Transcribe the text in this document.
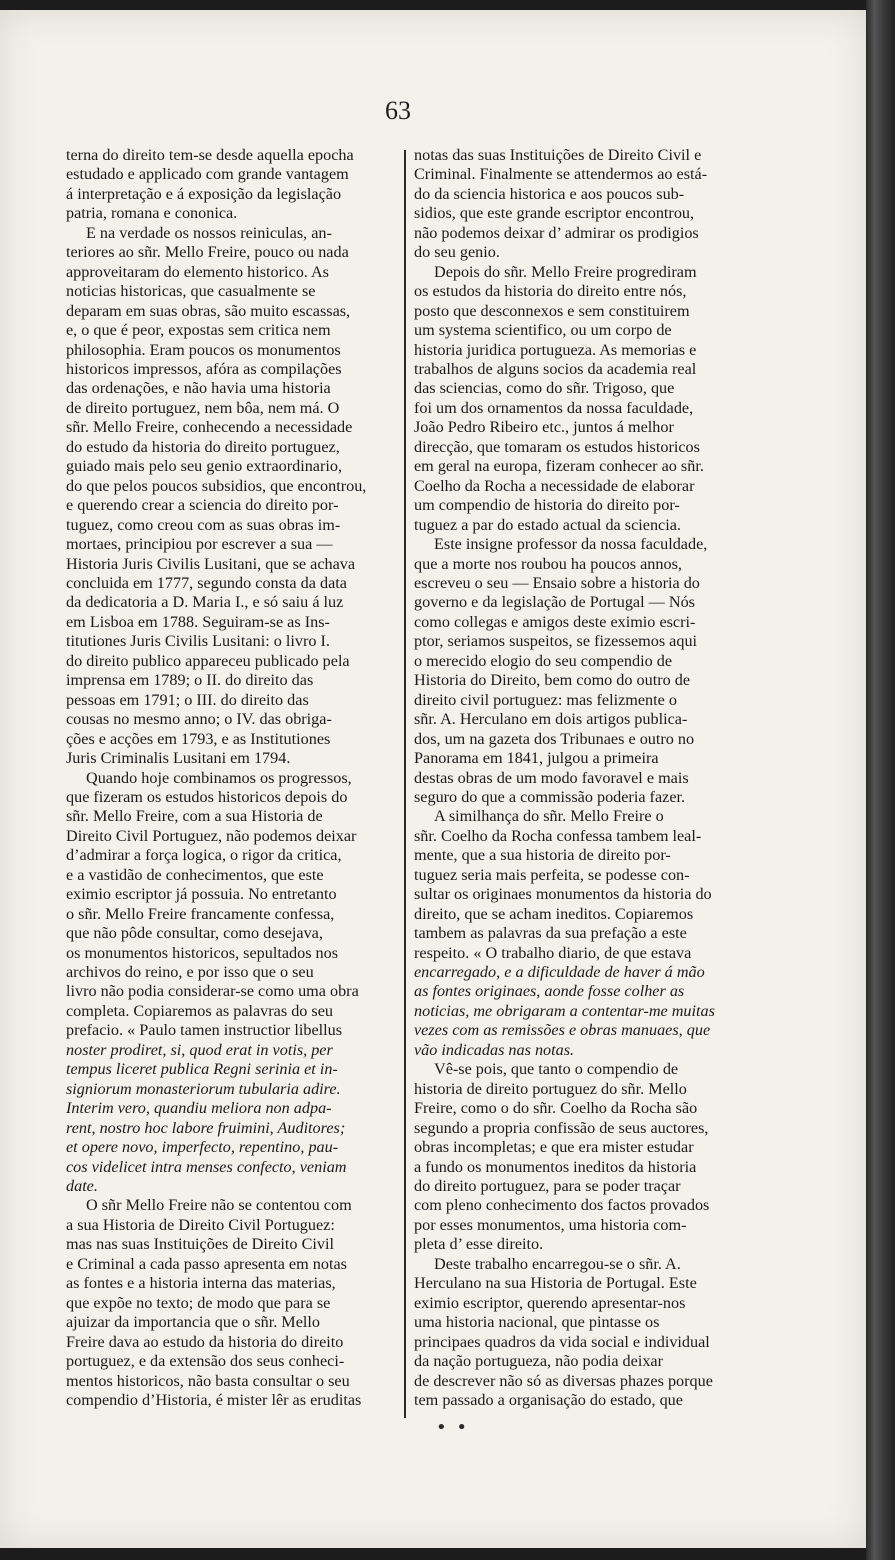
63
terna do direito tem-se desde aquella epocha
estudado e applicado com grande vantagem
á interpretação e á exposição da legislação
patria, romana e cononica.
E na verdade os nossos reiniculas, an-
teriores ao sñr. Mello Freire, pouco ou nada
approveitaram do elemento historico. As
noticias historicas, que casualmente se
deparam em suas obras, são muito escassas,
e, o que é peor, expostas sem critica nem
philosophia. Eram poucos os monumentos
historicos impressos, afóra as compilações
das ordenações, e não havia uma historia
de direito portuguez, nem bôa, nem má. O
sñr. Mello Freire, conhecendo a necessidade
do estudo da historia do direito portuguez,
guiado mais pelo seu genio extraordinario,
do que pelos poucos subsidios, que encontrou,
e querendo crear a sciencia do direito por-
tuguez, como creou com as suas obras im-
mortaes, principiou por escrever a sua —
Historia Juris Civilis Lusitani, que se achava
concluida em 1777, segundo consta da data
da dedicatoria a D. Maria I., e só saiu á luz
em Lisboa em 1788. Seguiram-se as Ins-
titutiones Juris Civilis Lusitani: o livro I.
do direito publico appareceu publicado pela
imprensa em 1789; o II. do direito das
pessoas em 1791; o III. do direito das
cousas no mesmo anno; o IV. das obriga-
ções e acções em 1793, e as Institutiones
Juris Criminalis Lusitani em 1794.
Quando hoje combinamos os progressos,
que fizeram os estudos historicos depois do
sñr. Mello Freire, com a sua Historia de
Direito Civil Portuguez, não podemos deixar
d’admirar a força logica, o rigor da critica,
e a vastidão de conhecimentos, que este
eximio escriptor já possuia. No entretanto
o sñr. Mello Freire francamente confessa,
que não pôde consultar, como desejava,
os monumentos historicos, sepultados nos
archivos do reino, e por isso que o seu
livro não podia considerar-se como uma obra
completa. Copiaremos as palavras do seu
prefacio. « Paulo tamen instructior libellus
noster prodiret, si, quod erat in votis, per
tempus liceret publica Regni serinia et in-
signiorum monasteriorum tubularia adire.
Interim vero, quandiu meliora non adpa-
rent, nostro hoc labore fruimini, Auditores;
et opere novo, imperfecto, repentino, pau-
cos videlicet intra menses confecto, veniam
date.
O sñr Mello Freire não se contentou com
a sua Historia de Direito Civil Portuguez:
mas nas suas Instituições de Direito Civil
e Criminal a cada passo apresenta em notas
as fontes e a historia interna das materias,
que expõe no texto; de modo que para se
ajuizar da importancia que o sñr. Mello
Freire dava ao estudo da historia do direito
portuguez, e da extensão dos seus conheci-
mentos historicos, não basta consultar o seu
compendio d’Historia, é mister lêr as eruditas
notas das suas Instituições de Direito Civil e
Criminal. Finalmente se attendermos ao está-
do da sciencia historica e aos poucos sub-
sidios, que este grande escriptor encontrou,
não podemos deixar d’ admirar os prodigios
do seu genio.
Depois do sñr. Mello Freire progrediram
os estudos da historia do direito entre nós,
posto que desconnexos e sem constituirem
um systema scientifico, ou um corpo de
historia juridica portugueza. As memorias e
trabalhos de alguns socios da academia real
das sciencias, como do sñr. Trigoso, que
foi um dos ornamentos da nossa faculdade,
João Pedro Ribeiro etc., juntos á melhor
direcção, que tomaram os estudos historicos
em geral na europa, fizeram conhecer ao sñr.
Coelho da Rocha a necessidade de elaborar
um compendio de historia do direito por-
tuguez a par do estado actual da sciencia.
Este insigne professor da nossa faculdade,
que a morte nos roubou ha poucos annos,
escreveu o seu — Ensaio sobre a historia do
governo e da legislação de Portugal — Nós
como collegas e amigos deste eximio escri-
ptor, seriamos suspeitos, se fizessemos aqui
o merecido elogio do seu compendio de
Historia do Direito, bem como do outro de
direito civil portuguez: mas felizmente o
sñr. A. Herculano em dois artigos publica-
dos, um na gazeta dos Tribunaes e outro no
Panorama em 1841, julgou a primeira
destas obras de um modo favoravel e mais
seguro do que a commissão poderia fazer.
A similhança do sñr. Mello Freire o
sñr. Coelho da Rocha confessa tambem leal-
mente, que a sua historia de direito por-
tuguez seria mais perfeita, se podesse con-
sultar os originaes monumentos da historia do
direito, que se acham ineditos. Copiaremos
tambem as palavras da sua prefação a este
respeito. « O trabalho diario, de que estava
encarregado, e a dificuldade de haver á mão
as fontes originaes, aonde fosse colher as
noticias, me obrigaram a contentar-me muitas
vezes com as remissões e obras manuaes, que
vão indicadas nas notas.
Vê-se pois, que tanto o compendio de
historia de direito portuguez do sñr. Mello
Freire, como o do sñr. Coelho da Rocha são
segundo a propria confissão de seus auctores,
obras incompletas; e que era mister estudar
a fundo os monumentos ineditos da historia
do direito portuguez, para se poder traçar
com pleno conhecimento dos factos provados
por esses monumentos, uma historia com-
pleta d’ esse direito.
Deste trabalho encarregou-se o sñr. A.
Herculano na sua Historia de Portugal. Este
eximio escriptor, querendo apresentar-nos
uma historia nacional, que pintasse os
principaes quadros da vida social e individual
da nação portugueza, não podia deixar
de descrever não só as diversas phazes porque
tem passado a organisação do estado, que
• •
